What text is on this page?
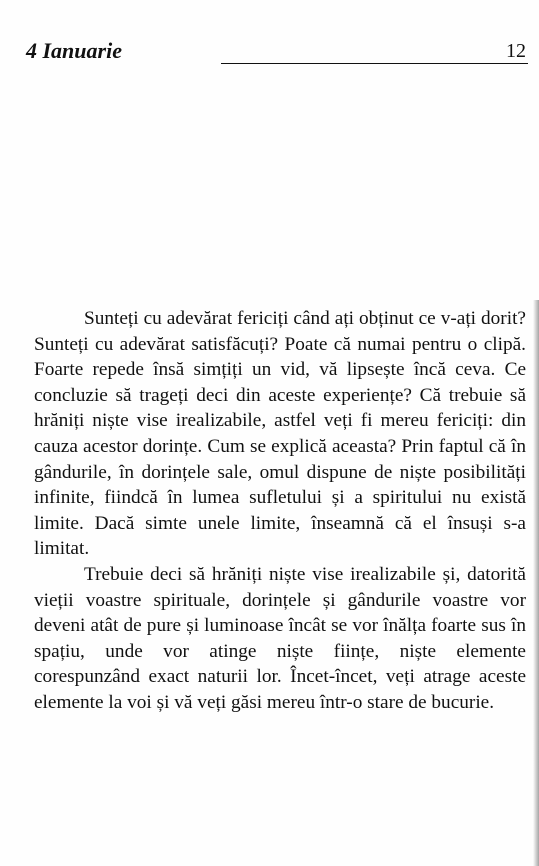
4 Ianuarie	12

Sunteți cu adevărat fericiți când ați obținut ce v-ați dorit? Sunteți cu adevărat satisfăcuți? Poate că numai pentru o clipă. Foarte repede însă simțiți un vid, vă lipsește încă ceva. Ce concluzie să trageți deci din aceste experiențe? Că trebuie să hrăniți niște vise irealizabile, astfel veți fi mereu fericiți: din cauza acestor dorințe. Cum se explică aceasta? Prin faptul că în gândurile, în dorințele sale, omul dispune de niște posibilități infinite, fiindcă în lumea sufletului și a spiritului nu există limite. Dacă simte unele limite, înseamnă că el însuși s-a limitat.

Trebuie deci să hrăniți niște vise irealizabile și, datorită vieții voastre spirituale, dorințele și gândurile voastre vor deveni atât de pure și luminoase încât se vor înălța foarte sus în spațiu, unde vor atinge niște ființe, niște elemente corespunzând exact naturii lor. Încet-încet, veți atrage aceste elemente la voi și vă veți găsi mereu într-o stare de bucurie.
